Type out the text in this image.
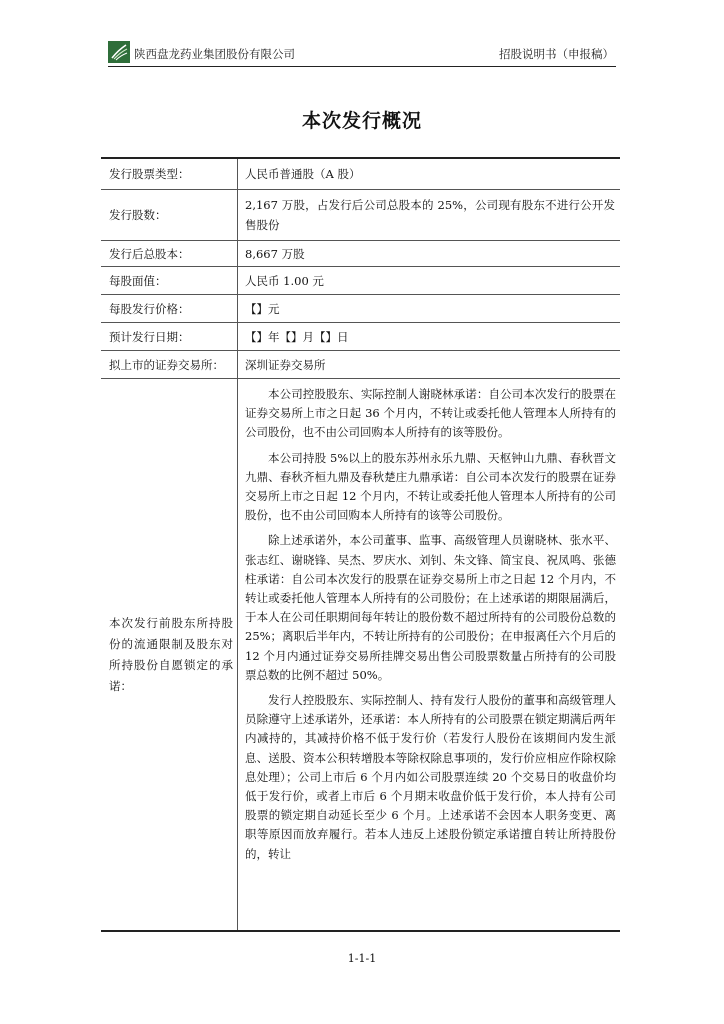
陕西盘龙药业集团股份有限公司	招股说明书（申报稿）
本次发行概况
发行股票类型：	人民币普通股（A 股）
发行股数：
2,167 万股，占发行后公司总股本的 25%，公司现有股东不进行公开发售股份
发行后总股本：	8,667 万股
每股面值：	人民币 1.00 元
每股发行价格：	【】元
预计发行日期：	【】年【】月【】日
拟上市的证券交易所：	深圳证券交易所
本次发行前股东所持股份的流通限制及股东对所持股份自愿锁定的承诺：

本公司控股股东、实际控制人谢晓林承诺：自公司本次发行的股票在证券交易所上市之日起 36 个月内，不转让或委托他人管理本人所持有的公司股份，也不由公司回购本人所持有的该等股份。

本公司持股 5%以上的股东苏州永乐九鼎、天枢钟山九鼎、春秋晋文九鼎、春秋齐桓九鼎及春秋楚庄九鼎承诺：自公司本次发行的股票在证券交易所上市之日起 12 个月内，不转让或委托他人管理本人所持有的公司股份，也不由公司回购本人所持有的该等公司股份。

除上述承诺外，本公司董事、监事、高级管理人员谢晓林、张水平、张志红、谢晓锋、吴杰、罗庆水、刘钊、朱文锋、简宝良、祝凤鸣、张德柱承诺：自公司本次发行的股票在证券交易所上市之日起 12 个月内，不转让或委托他人管理本人所持有的公司股份；在上述承诺的期限届满后，于本人在公司任职期间每年转让的股份数不超过所持有的公司股份总数的 25%；离职后半年内，不转让所持有的公司股份；在申报离任六个月后的 12 个月内通过证券交易所挂牌交易出售公司股票数量占所持有的公司股票总数的比例不超过 50%。

发行人控股股东、实际控制人、持有发行人股份的董事和高级管理人员除遵守上述承诺外，还承诺：本人所持有的公司股票在锁定期满后两年内减持的，其减持价格不低于发行价（若发行人股份在该期间内发生派息、送股、资本公积转增股本等除权除息事项的，发行价应相应作除权除息处理）；公司上市后 6 个月内如公司股票连续 20 个交易日的收盘价均低于发行价，或者上市后 6 个月期末收盘价低于发行价，本人持有公司股票的锁定期自动延长至少 6 个月。上述承诺不会因本人职务变更、离职等原因而放弃履行。若本人违反上述股份锁定承诺擅自转让所持股份的，转让

1-1-1
